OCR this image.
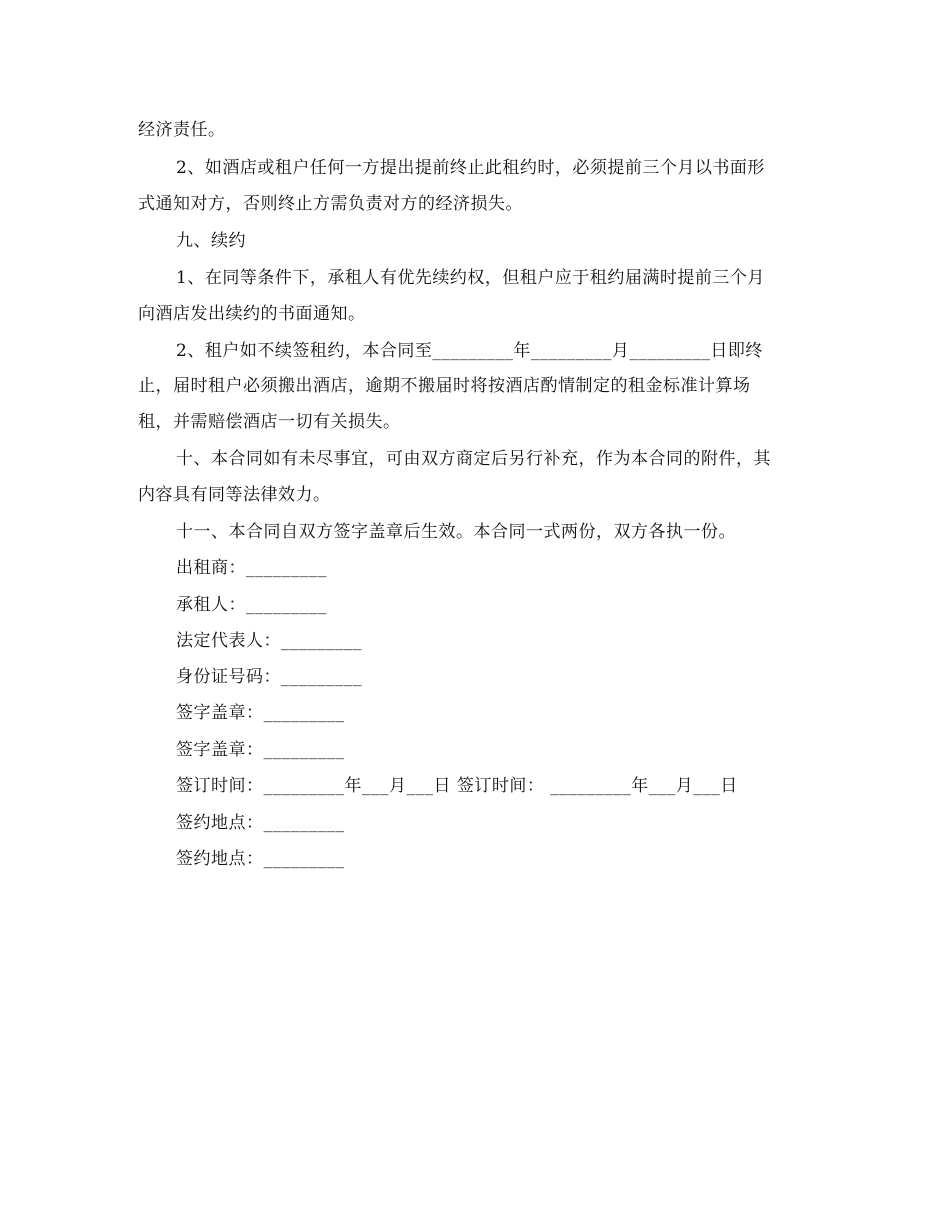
经济责任。
2、如酒店或租户任何一方提出提前终止此租约时，必须提前三个月以书面形
式通知对方，否则终止方需负责对方的经济损失。
九、续约
1、在同等条件下，承租人有优先续约权，但租户应于租约届满时提前三个月
向酒店发出续约的书面通知。
2、租户如不续签租约，本合同至_________年_________月_________日即终
止，届时租户必须搬出酒店，逾期不搬届时将按酒店酌情制定的租金标准计算场
租，并需赔偿酒店一切有关损失。
十、本合同如有未尽事宜，可由双方商定后另行补充，作为本合同的附件，其
内容具有同等法律效力。
十一、本合同自双方签字盖章后生效。本合同一式两份，双方各执一份。
出租商：_________
承租人：_________
法定代表人：_________
身份证号码：_________
签字盖章：_________
签字盖章：_________
签订时间：_________年___月___日 签订时间： _________年___月___日
签约地点：_________
签约地点：_________
